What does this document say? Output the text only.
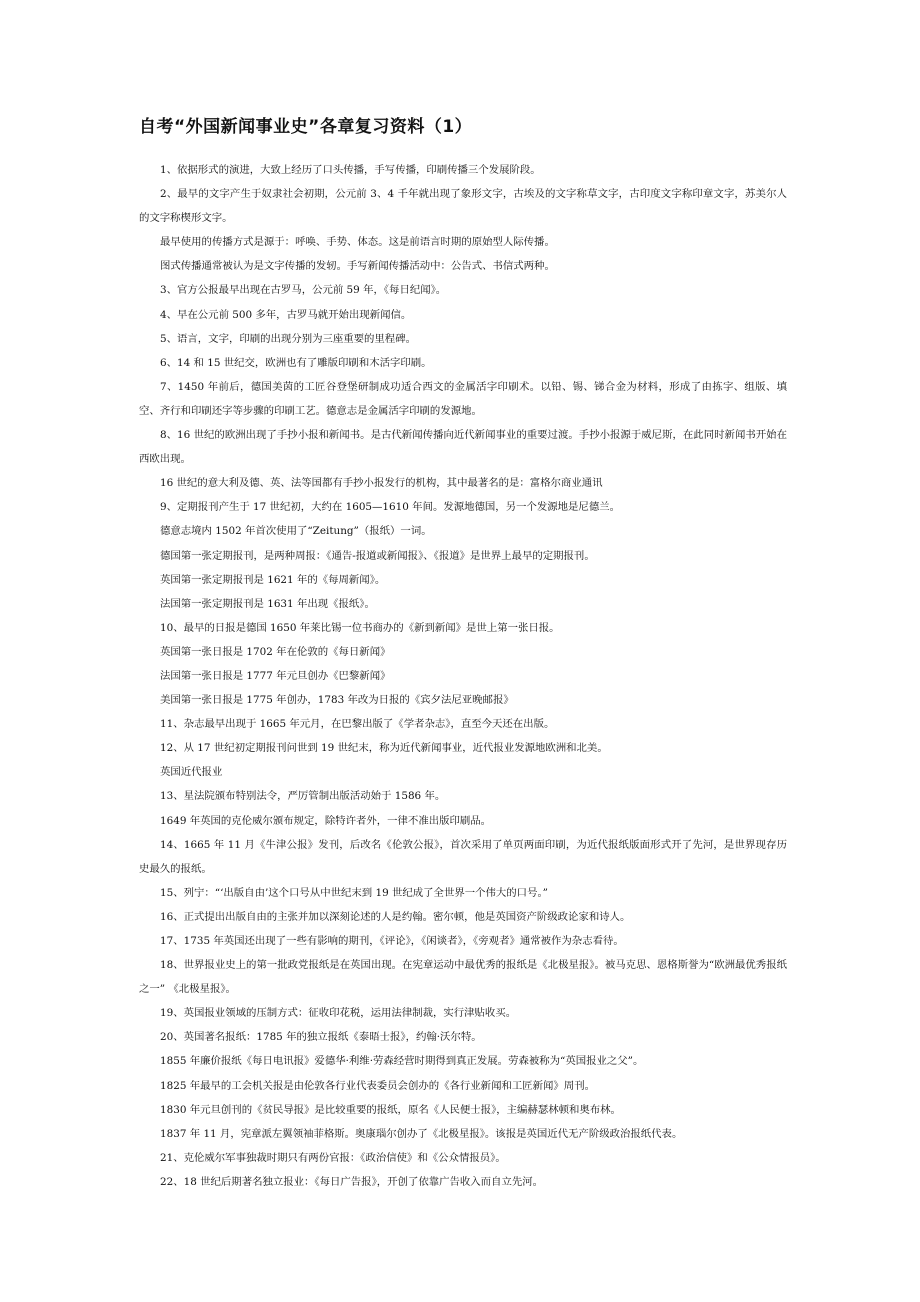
自考“外国新闻事业史”各章复习资料（1）

1、依据形式的演进，大致上经历了口头传播，手写传播，印刷传播三个发展阶段。

2、最早的文字产生于奴隶社会初期，公元前 3、4 千年就出现了象形文字，古埃及的文字称草文字，古印度文字称印章文字，苏美尔人的文字称楔形文字。

最早使用的传播方式是源于：呼唤、手势、体态。这是前语言时期的原始型人际传播。

图式传播通常被认为是文字传播的发轫。手写新闻传播活动中：公告式、书信式两种。

3、官方公报最早出现在古罗马，公元前 59 年，《每日纪闻》。

4、早在公元前 500 多年，古罗马就开始出现新闻信。

5、语言，文字，印刷的出现分别为三座重要的里程碑。

6、14 和 15 世纪交，欧洲也有了雕版印刷和木活字印刷。

7、1450 年前后，德国美茵的工匠谷登堡研制成功适合西文的金属活字印刷术。以铅、锡、锑合金为材料，形成了由拣字、组版、填空、齐行和印刷还字等步骤的印刷工艺。德意志是金属活字印刷的发源地。

8、16 世纪的欧洲出现了手抄小报和新闻书。是古代新闻传播向近代新闻事业的重要过渡。手抄小报源于威尼斯，在此同时新闻书开始在西欧出现。

16 世纪的意大利及德、英、法等国都有手抄小报发行的机构，其中最著名的是：富格尔商业通讯

9、定期报刊产生于 17 世纪初，大约在 1605—1610 年间。发源地德国，另一个发源地是尼德兰。

德意志境内 1502 年首次使用了“Zeitung”（报纸）一词。

德国第一张定期报刊，是两种周报：《通告-报道或新闻报》、《报道》是世界上最早的定期报刊。

英国第一张定期报刊是 1621 年的《每周新闻》。

法国第一张定期报刊是 1631 年出现《报纸》。

10、最早的日报是德国 1650 年莱比锡一位书商办的《新到新闻》是世上第一张日报。

英国第一张日报是 1702 年在伦敦的《每日新闻》

法国第一张日报是 1777 年元旦创办《巴黎新闻》

美国第一张日报是 1775 年创办，1783 年改为日报的《宾夕法尼亚晚邮报》

11、杂志最早出现于 1665 年元月，在巴黎出版了《学者杂志》，直至今天还在出版。

12、从 17 世纪初定期报刊问世到 19 世纪末，称为近代新闻事业，近代报业发源地欧洲和北美。

英国近代报业

13、星法院颁布特别法令，严厉管制出版活动始于 1586 年。

1649 年英国的克伦威尔颁布规定，除特许者外，一律不准出版印刷品。

14、1665 年 11 月《牛津公报》发刊，后改名《伦敦公报》，首次采用了单页两面印刷，为近代报纸版面形式开了先河，是世界现存历史最久的报纸。

15、列宁：“‘出版自由’这个口号从中世纪末到 19 世纪成了全世界一个伟大的口号。”

16、正式提出出版自由的主张并加以深刻论述的人是约翰。密尔顿，他是英国资产阶级政论家和诗人。

17、1735 年英国还出现了一些有影响的期刊，《评论》，《闲谈者》，《旁观者》通常被作为杂志看待。

18、世界报业史上的第一批政党报纸是在英国出现。在宪章运动中最优秀的报纸是《北极星报》。被马克思、恩格斯誉为“欧洲最优秀报纸之一” 《北极星报》。

19、英国报业领域的压制方式：征收印花税，运用法律制裁，实行津贴收买。

20、英国著名报纸：1785 年的独立报纸《泰晤士报》，约翰·沃尔特。

1855 年廉价报纸《每日电讯报》爱德华·利维·劳森经营时期得到真正发展。劳森被称为“英国报业之父”。

1825 年最早的工会机关报是由伦敦各行业代表委员会创办的《各行业新闻和工匠新闻》周刊。

1830 年元旦创刊的《贫民导报》是比较重要的报纸，原名《人民便士报》，主编赫瑟林顿和奥布林。

1837 年 11 月，宪章派左翼领袖菲格斯。奥康瑙尔创办了《北极星报》。该报是英国近代无产阶级政治报纸代表。

21、克伦威尔军事独裁时期只有两份官报：《政治信使》和《公众情报员》。

22、18 世纪后期著名独立报业：《每日广告报》，开创了依靠广告收入而自立先河。
